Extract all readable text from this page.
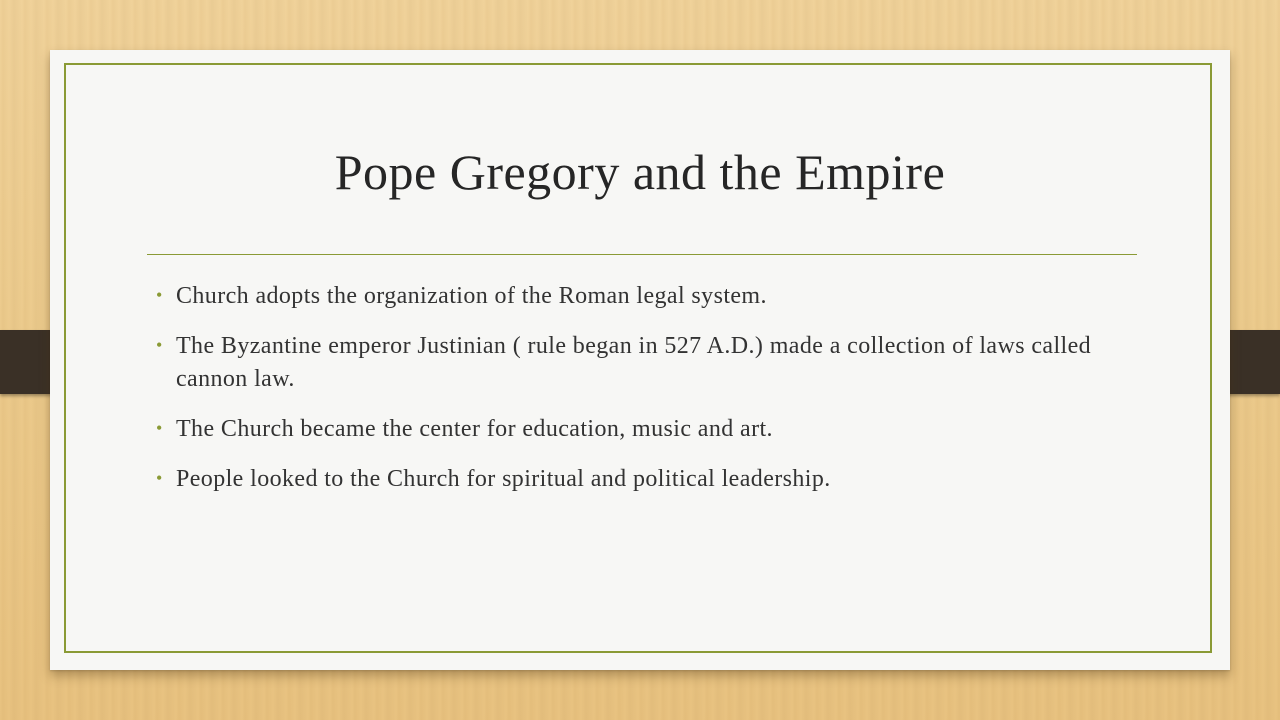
Pope Gregory and the Empire
• Church adopts the organization of the Roman legal system.
• The Byzantine emperor Justinian ( rule began in 527 A.D.) made a collection of laws called cannon law.
• The Church became the center for education, music and art.
• People looked to the Church for spiritual and political leadership.
